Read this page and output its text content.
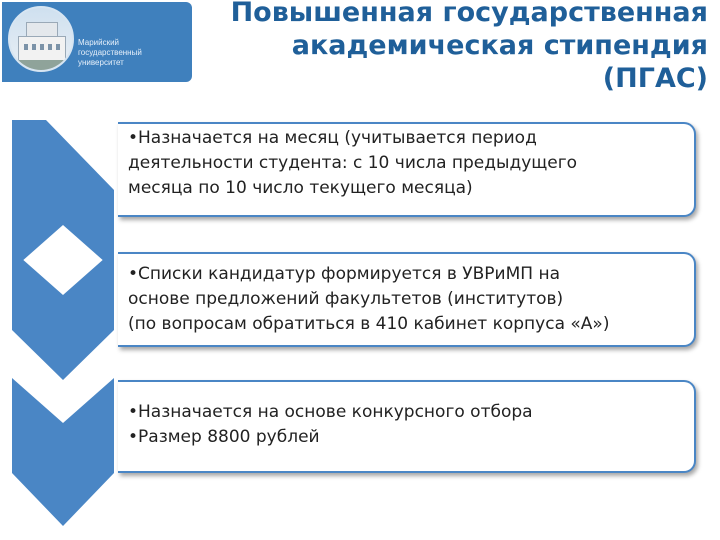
Марийский
государственный
университет
Повышенная государственная
академическая стипендия
(ПГАС)
•Назначается на месяц (учитывается период
деятельности студента: с 10 числа предыдущего
месяца по 10 число текущего месяца)
•Списки кандидатур формируется в УВРиМП на
основе предложений факультетов (институтов)
(по вопросам обратиться в 410 кабинет корпуса «А»)
•Назначается на основе конкурсного отбора
•Размер 8800 рублей
